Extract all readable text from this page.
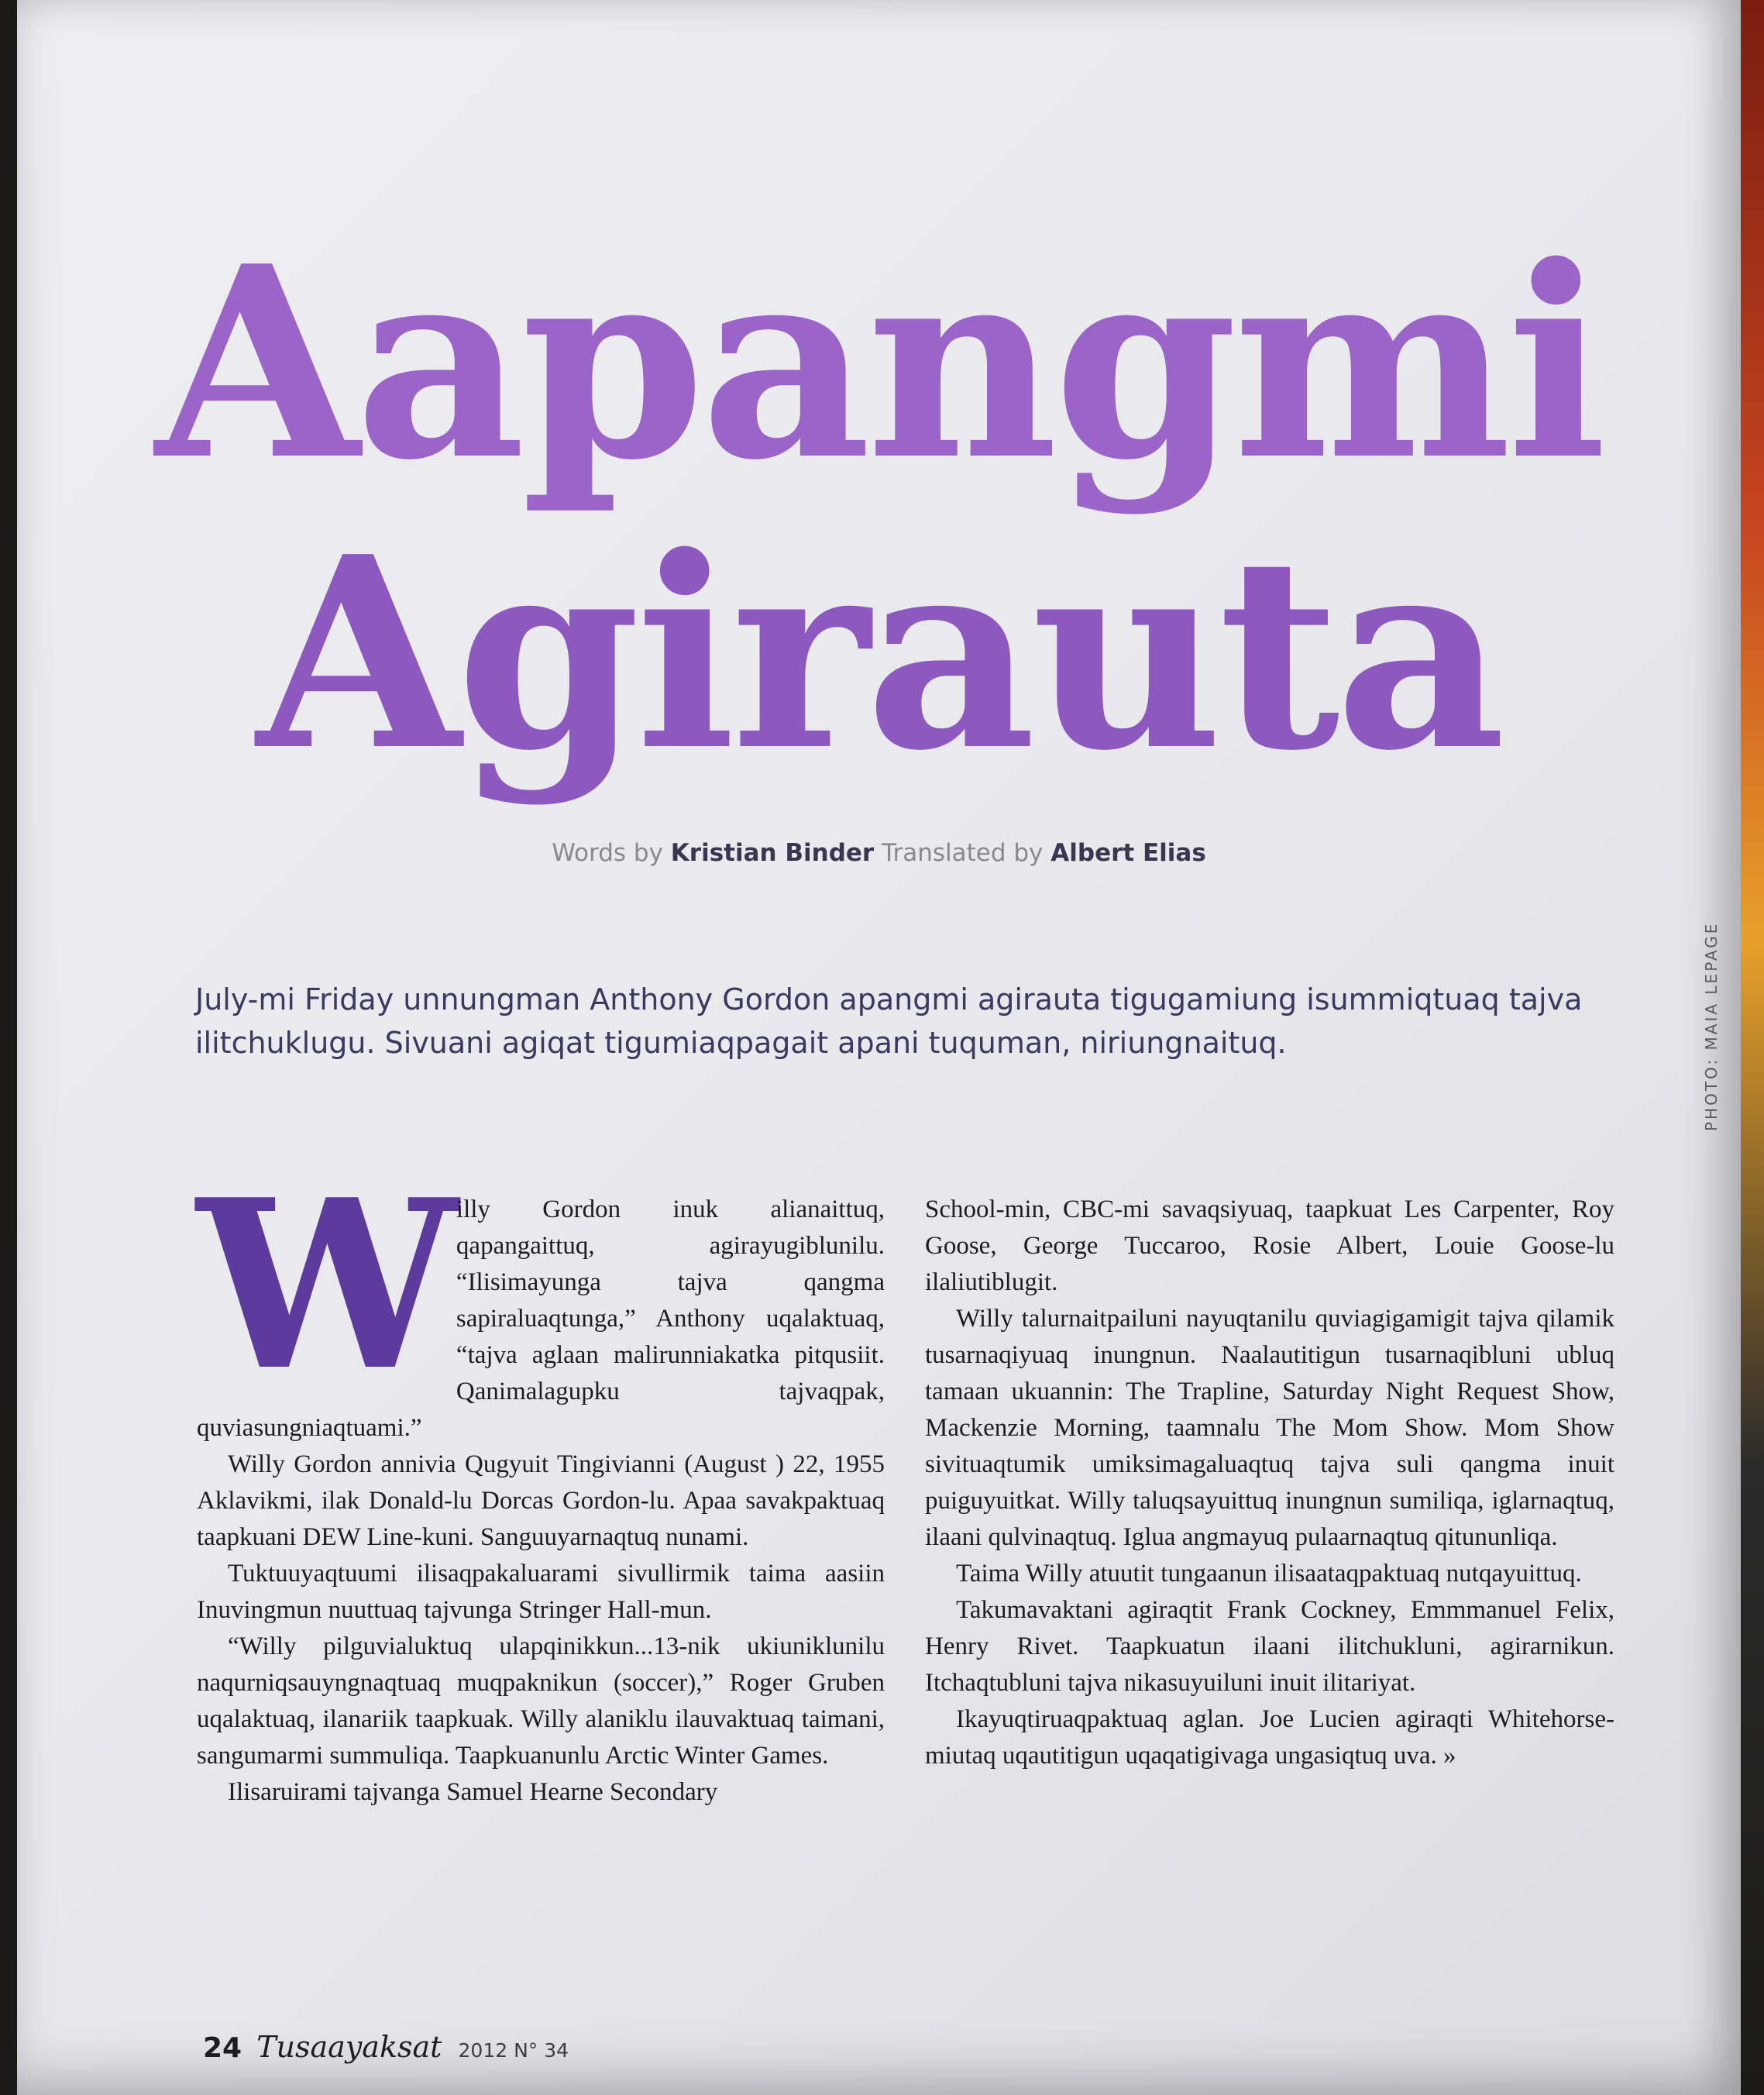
Aapangmi
Agirauta
Words by Kristian Binder Translated by Albert Elias
PHOTO: MAIA LEPAGE
July-mi Friday unnungman Anthony Gordon apangmi agirauta tigugamiung isummiqtuaq tajva ilitchuklugu. Sivuani agiqat tigumiaqpagait apani tuquman, niriungnaituq.
W illy Gordon inuk alianaittuq, qapangaittuq, agirayugiblunilu. “Ilisimayunga tajva qangma sapiraluaqtunga,” Anthony uqalaktuaq, “tajva aglaan malirunniakatka pitqusiit. Qanimalagupku tajvaqpak, quviasungniaqtuami.”

Willy Gordon annivia Qugyuit Tingivianni (August ) 22, 1955 Aklavikmi, ilak Donald-lu Dorcas Gordon-lu. Apaa savakpaktuaq taapkuani DEW Line-kuni. Sanguuyarnaqtuq nunami.

Tuktuuyaqtuumi ilisaqpakaluarami sivullirmik taima aasiin Inuvingmun nuuttuaq tajvunga Stringer Hall-mun.

“Willy pilguvialuktuq ulapqinikkun...13-nik ukiuniklunilu naqurniqsauyngnaqtuaq muqpaknikun (soccer),” Roger Gruben uqalaktuaq, ilanariik taapkuak. Willy alaniklu ilauvaktuaq taimani, sangumarmi summuliqa. Taapkuanunlu Arctic Winter Games.

Ilisaruirami tajvanga Samuel Hearne Secondary

School-min, CBC-mi savaqsiyuaq, taapkuat Les Carpenter, Roy Goose, George Tuccaroo, Rosie Albert, Louie Goose-lu ilaliutiblugit.

Willy talurnaitpailuni nayuqtanilu quviagigamigit tajva qilamik tusarnaqiyuaq inungnun. Naalautitigun tusarnaqibluni ubluq tamaan ukuannin: The Trapline, Saturday Night Request Show, Mackenzie Morning, taamnalu The Mom Show. Mom Show sivituaqtumik umiksimagaluaqtuq tajva suli qangma inuit puiguyuitkat. Willy taluqsayuittuq inungnun sumiliqa, iglarnaqtuq, ilaani qulvinaqtuq. Iglua angmayuq pulaarnaqtuq qitununliqa.

Taima Willy atuutit tungaanun ilisaataqpaktuaq nutqayuittuq.

Takumavaktani agiraqtit Frank Cockney, Emmmanuel Felix, Henry Rivet. Taapkuatun ilaani ilitchukluni, agirarnikun. Itchaqtubluni tajva nikasuyuiluni inuit ilitariyat.

Ikayuqtiruaqpaktuaq aglan. Joe Lucien agiraqti Whitehorse-miutaq uqautitigun uqaqatigivaga ungasiqtuq uva. »

24 Tusaayaksat 2012 N° 34
